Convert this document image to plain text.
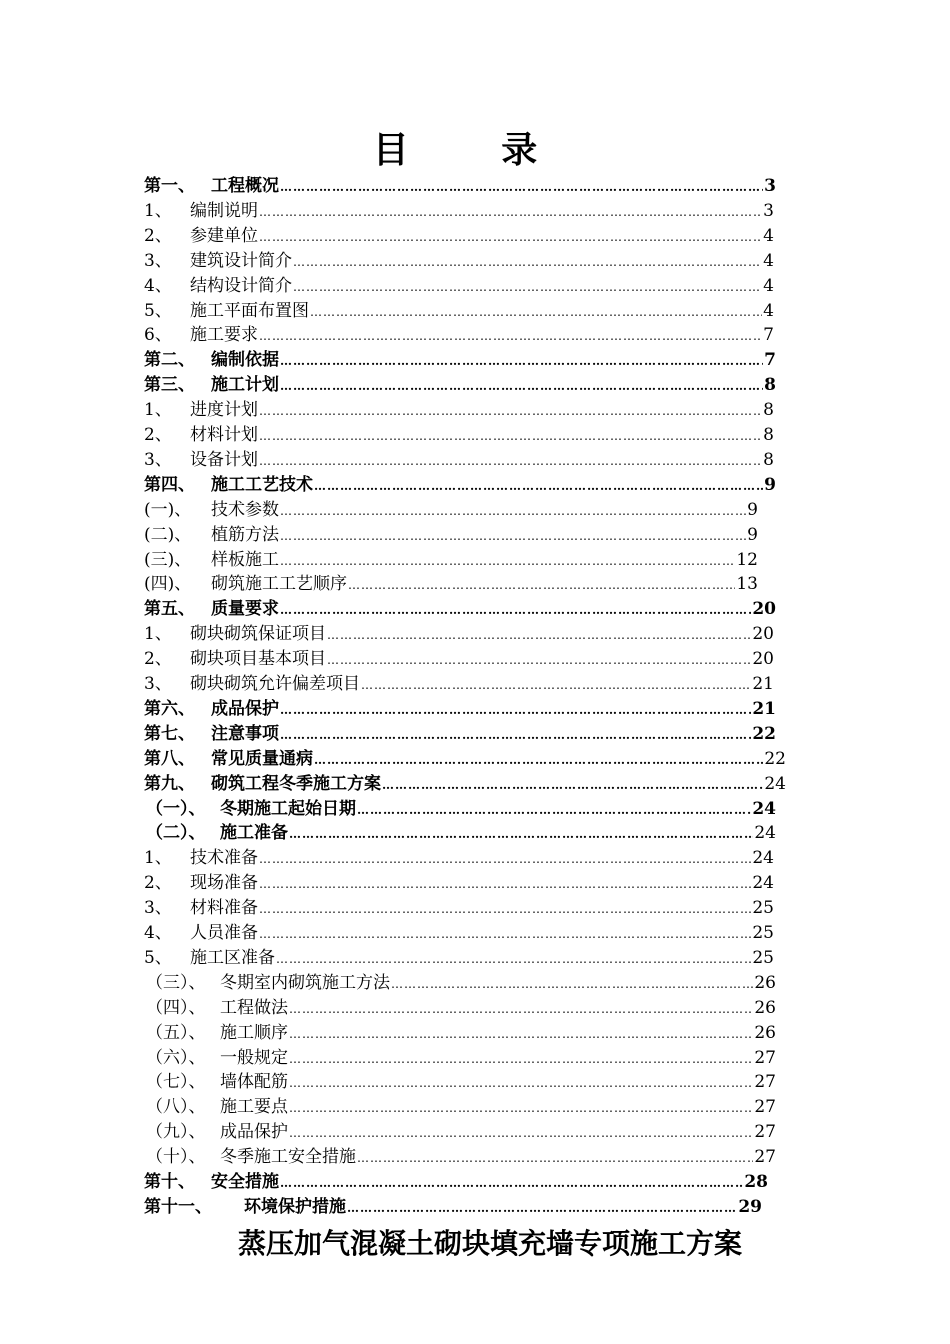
目 录
第一、 工程概况 ……………………………………………………………………………………………………………………………………………………………………………………………………………………	3
1、	编制说明 ……………………………………………………………………………………………………………………………………………………………………………………………………………………	3
2、	参建单位 ……………………………………………………………………………………………………………………………………………………………………………………………………………………	4
3、	建筑设计简介 ……………………………………………………………………………………………………………………………………………………………………………………………………………………	4
4、	结构设计简介 ……………………………………………………………………………………………………………………………………………………………………………………………………………………	4
5、	施工平面布置图 ……………………………………………………………………………………………………………………………………………………………………………………………………………………	4
6、	施工要求 ……………………………………………………………………………………………………………………………………………………………………………………………………………………	7
第二、 编制依据 ……………………………………………………………………………………………………………………………………………………………………………………………………………………	7
第三、 施工计划 ……………………………………………………………………………………………………………………………………………………………………………………………………………………	8
1、	进度计划 ……………………………………………………………………………………………………………………………………………………………………………………………………………………	8
2、	材料计划 ……………………………………………………………………………………………………………………………………………………………………………………………………………………	8
3、	设备计划 ……………………………………………………………………………………………………………………………………………………………………………………………………………………	8
第四、 施工工艺技术 ……………………………………………………………………………………………………………………………………………………………………………………………………………………	9
(一)、	技术参数 ……………………………………………………………………………………………………………………………………………………………………………………………………………………	9
(二)、	植筋方法 ……………………………………………………………………………………………………………………………………………………………………………………………………………………	9
(三)、	样板施工 ……………………………………………………………………………………………………………………………………………………………………………………………………………………	12
(四)、	砌筑施工工艺顺序 ……………………………………………………………………………………………………………………………………………………………………………………………………………………	13
第五、 质量要求 ……………………………………………………………………………………………………………………………………………………………………………………………………………………	20
1、	砌块砌筑保证项目 ……………………………………………………………………………………………………………………………………………………………………………………………………………………	20
2、	砌块项目基本项目 ……………………………………………………………………………………………………………………………………………………………………………………………………………………	20
3、	砌块砌筑允许偏差项目 ……………………………………………………………………………………………………………………………………………………………………………………………………………………	21
第六、 成品保护 ……………………………………………………………………………………………………………………………………………………………………………………………………………………	21
第七、 注意事项 ……………………………………………………………………………………………………………………………………………………………………………………………………………………	22
第八、 常见质量通病 ……………………………………………………………………………………………………………………………………………………………………………………………………………………	22
第九、 砌筑工程冬季施工方案 ……………………………………………………………………………………………………………………………………………………………………………………………………………………	24
（一）、 冬期施工起始日期 ……………………………………………………………………………………………………………………………………………………………………………………………………………………	24
（二）、 施工准备 ……………………………………………………………………………………………………………………………………………………………………………………………………………………	24
1、	技术准备 ……………………………………………………………………………………………………………………………………………………………………………………………………………………	24
2、	现场准备 ……………………………………………………………………………………………………………………………………………………………………………………………………………………	24
3、	材料准备 ……………………………………………………………………………………………………………………………………………………………………………………………………………………	25
4、	人员准备 ……………………………………………………………………………………………………………………………………………………………………………………………………………………	25
5、	施工区准备 ……………………………………………………………………………………………………………………………………………………………………………………………………………………	25
（三）、 冬期室内砌筑施工方法 ……………………………………………………………………………………………………………………………………………………………………………………………………………………	26
（四）、 工程做法 ……………………………………………………………………………………………………………………………………………………………………………………………………………………	26
（五）、 施工顺序 ……………………………………………………………………………………………………………………………………………………………………………………………………………………	26
（六）、 一般规定 ……………………………………………………………………………………………………………………………………………………………………………………………………………………	27
（七）、 墙体配筋 ……………………………………………………………………………………………………………………………………………………………………………………………………………………	27
（八）、 施工要点 ……………………………………………………………………………………………………………………………………………………………………………………………………………………	27
（九）、 成品保护 ……………………………………………………………………………………………………………………………………………………………………………………………………………………	27
（十）、 冬季施工安全措施 ……………………………………………………………………………………………………………………………………………………………………………………………………………………	27
第十、 安全措施 ……………………………………………………………………………………………………………………………………………………………………………………………………………………	28
第十一、	环境保护措施 ……………………………………………………………………………………………………………………………………………………………………………………………………………………	29
蒸压加气混凝土砌块填充墙专项施工方案
